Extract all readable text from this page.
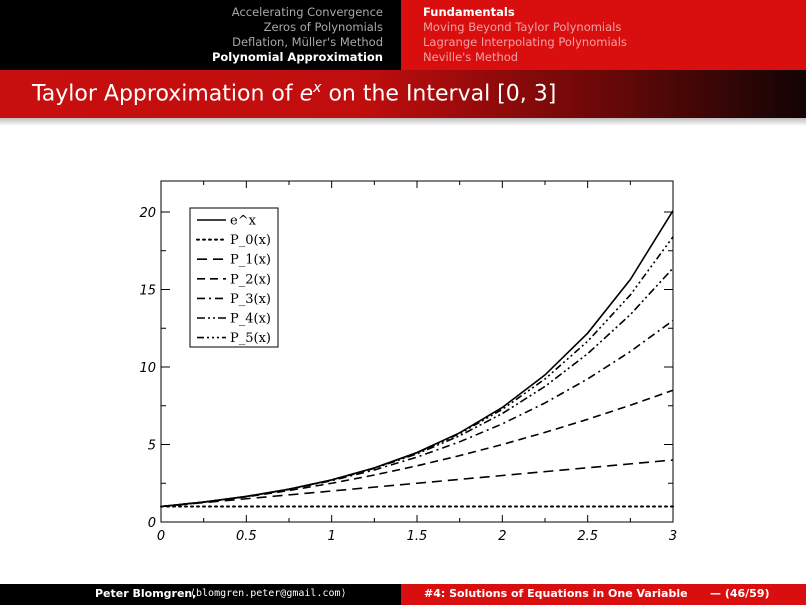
Accelerating Convergence
Zeros of Polynomials
Deflation, Müller's Method
Polynomial Approximation
Fundamentals
Moving Beyond Taylor Polynomials
Lagrange Interpolating Polynomials
Neville's Method
Taylor Approximation of $e^x$ on the Interval [0, 3]
0	0.5	1	1.5	2	2.5	3
0
5
10
15
20	e^x
P_0(x)
P_1(x)
P_2(x)
P_3(x)
P_4(x)
P_5(x)
Peter Blomgren,
⟨blomgren.peter@gmail.com⟩	#4: Solutions of Equations in One Variable — (46/59)
